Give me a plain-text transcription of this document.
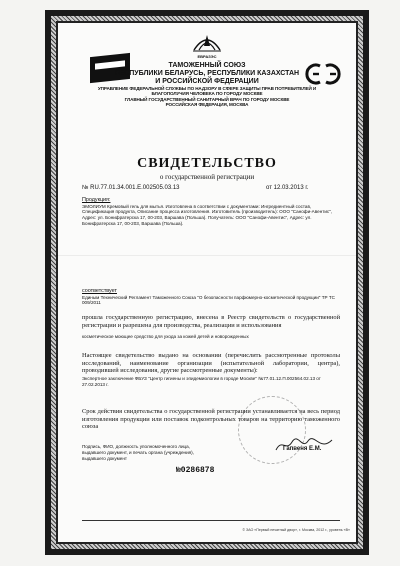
ЕВРАЗЭС
СЭ
ТАМОЖЕННЫЙ СОЮЗ
РЕСПУБЛИКИ БЕЛАРУСЬ, РЕСПУБЛИКИ КАЗАХСТАН
И РОССИЙСКОЙ ФЕДЕРАЦИИ
УПРАВЛЕНИЕ ФЕДЕРАЛЬНОЙ СЛУЖБЫ ПО НАДЗОРУ В СФЕРЕ ЗАЩИТЫ ПРАВ ПОТРЕБИТЕЛЕЙ И
БЛАГОПОЛУЧИЯ ЧЕЛОВЕКА ПО ГОРОДУ МОСКВЕ
ГЛАВНЫЙ ГОСУДАРСТВЕННЫЙ САНИТАРНЫЙ ВРАЧ ПО ГОРОДУ МОСКВЕ
РОССИЙСКАЯ ФЕДЕРАЦИЯ, МОСКВА
СВИДЕТЕЛЬСТВО
о государственной регистрации
№ RU.77.01.34.001.E.002505.03.13	от 12.03.2013 г.
Продукция:
ЭМОЛИУМ Кремовый гель для мытья. Изготовлена в соответствии с документами: Ингредиентный состав, Спецификация продукта, Описание процесса изготовления. Изготовитель (производитель): ООО "Санофи-Авентис", Адрес: ул. Бонифратерска 17, 00-203, Варшава (Польша). Получатель: ООО "Санофи-Авентис", Адрес: ул. Бонифратерска 17, 00-203, Варшава (Польша).
соответствует
Единым Технический Регламент Таможенного Союза "О безопасности парфюмерно-косметической продукции" ТР ТС 009/2011
прошла государственную регистрацию, внесена в Реестр свидетельств о государственной регистрации и разрешена для производства, реализации и использования
косметическое моющее средство для ухода за кожей детей и новорожденных
Настоящее свидетельство выдано на основании (перечислить рассмотренные протоколы исследований, наименование организации (испытательной лаборатории, центра), проводившей исследования, другие рассмотренные документы):
Экспертное заключение ФБУЗ "Центр гигиены и эпидемиологии в городе Москве" №77.01.12.П.002564.02.13 от 27.02.2013 г.
Срок действия свидетельства о государственной регистрации устанавливается на весь период изготовления продукции или поставок подконтрольных товаров на территорию таможенного союза
Подпись, ФИО, должность уполномоченного лица,
выдавшего документ, и печать органа (учреждения),
выдавшего документ
Гапвеня Е.М.
№0286878
© ЗАО «Первый печатный двор», г. Москва, 2012 г., уровень «В»
